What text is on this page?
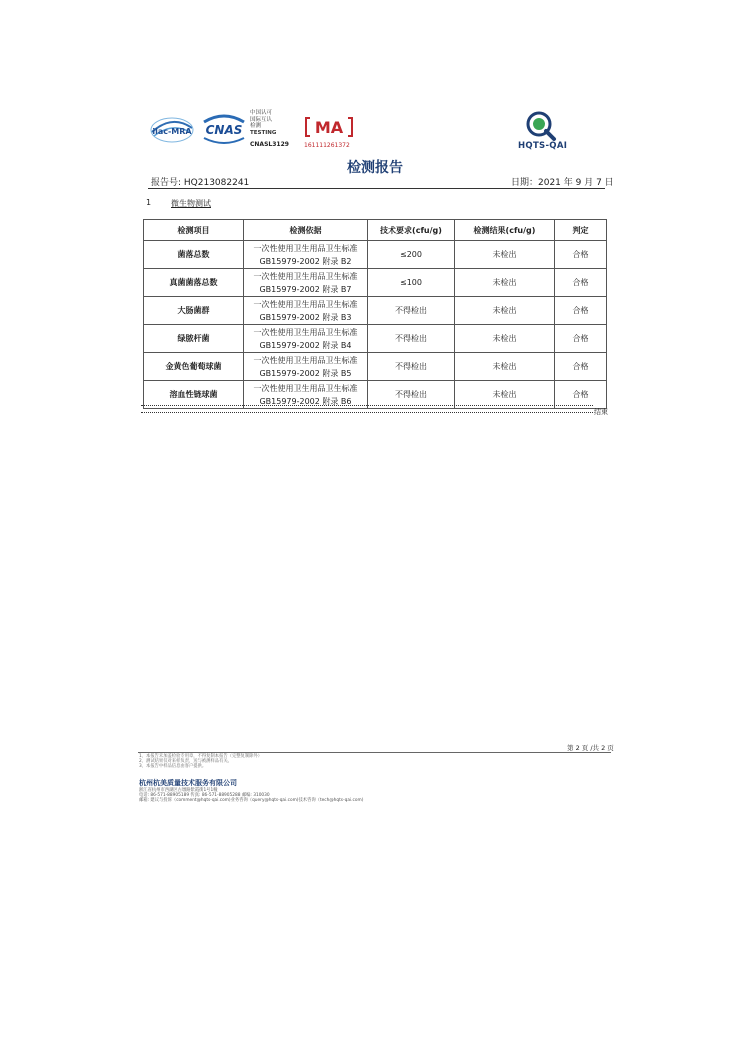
ilac-MRA CNAS
中国认可
国际互认
检测
TESTING
CNASL3129
MA
161111261372	HQTS-QAI
检测报告
报告号: HQ213082241	日期：2021 年 9 月 7 日
1 微生物测试
检测项目	检测依据	技术要求(cfu/g)	检测结果(cfu/g)	判定
菌落总数	一次性使用卫生用品卫生标准
GB15979-2002 附录 B2	≤200	未检出	合格
真菌菌落总数	一次性使用卫生用品卫生标准
GB15979-2002 附录 B7	≤100	未检出	合格
大肠菌群	一次性使用卫生用品卫生标准
GB15979-2002 附录 B3	不得检出	未检出	合格
绿脓杆菌	一次性使用卫生用品卫生标准
GB15979-2002 附录 B4	不得检出	未检出	合格
金黄色葡萄球菌	一次性使用卫生用品卫生标准
GB15979-2002 附录 B5	不得检出	未检出	合格
溶血性链球菌	一次性使用卫生用品卫生标准
GB15979-2002 附录 B6	不得检出	未检出	合格
结束
第 2 页 /共 2 页
1、本报告未加盖检验专用章，不得复制本报告（完整复制除外）
2、测试结果仅对来样负责，送与被测样品有关。
3、本报告中样品信息由客户提供。
杭州杭美质量技术服务有限公司
浙江省杭州市西湖区古墩路紫霞街1号1幢
电话: 86-571-88905189 传真: 86-571-88905288 邮编: 310030
邮箱: 建议与投诉（comment@hqts-qai.com)业务咨询（query@hqts-qai.com)技术咨询（tech@hqts-qai.com)
